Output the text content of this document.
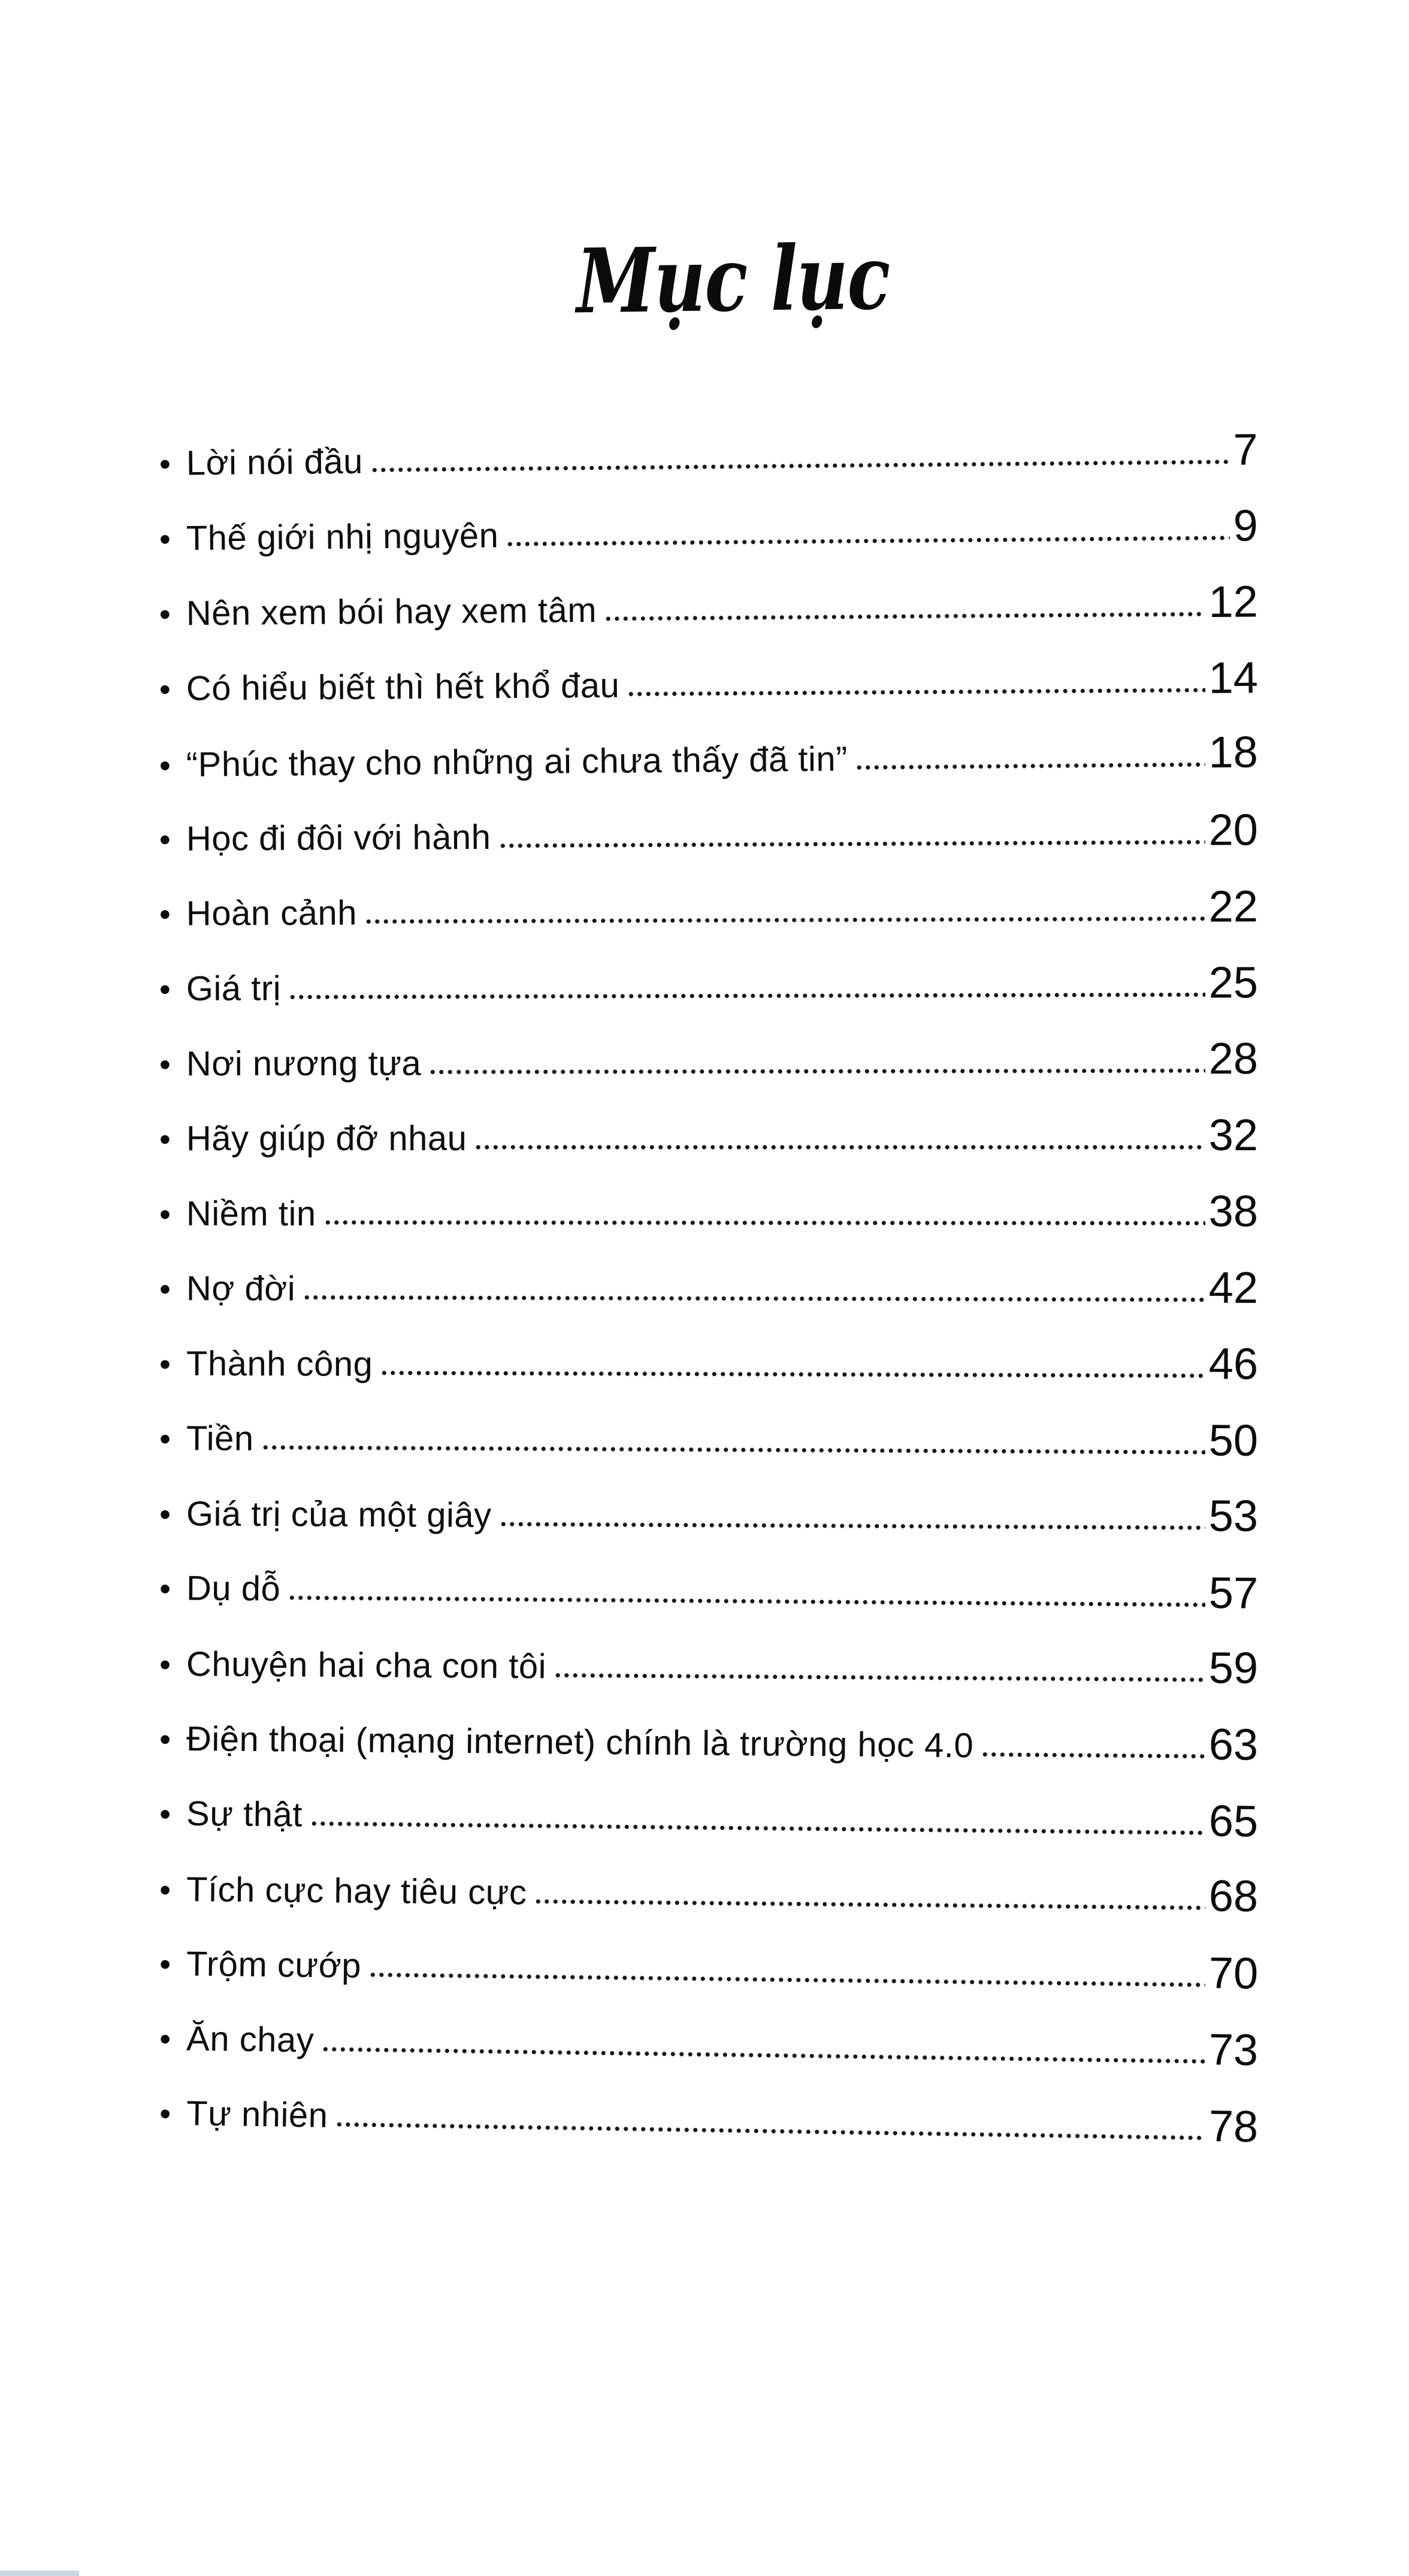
Mục lục
• Lời nói đầu	7
• Thế giới nhị nguyên	9
• Nên xem bói hay xem tâm	12
• Có hiểu biết thì hết khổ đau	14
• “Phúc thay cho những ai chưa thấy đã tin”	18
• Học đi đôi với hành	20
• Hoàn cảnh	22
• Giá trị	25
• Nơi nương tựa	28
• Hãy giúp đỡ nhau	32
• Niềm tin	38
• Nợ đời	42
• Thành công	46
• Tiền	50
• Giá trị của một giây	53
• Dụ dỗ	57
• Chuyện hai cha con tôi	59
• Điện thoại (mạng internet) chính là trường học 4.0	63
• Sự thật	65
• Tích cực hay tiêu cực	68
• Trộm cướp	70
• Ăn chay	73
• Tự nhiên	78
